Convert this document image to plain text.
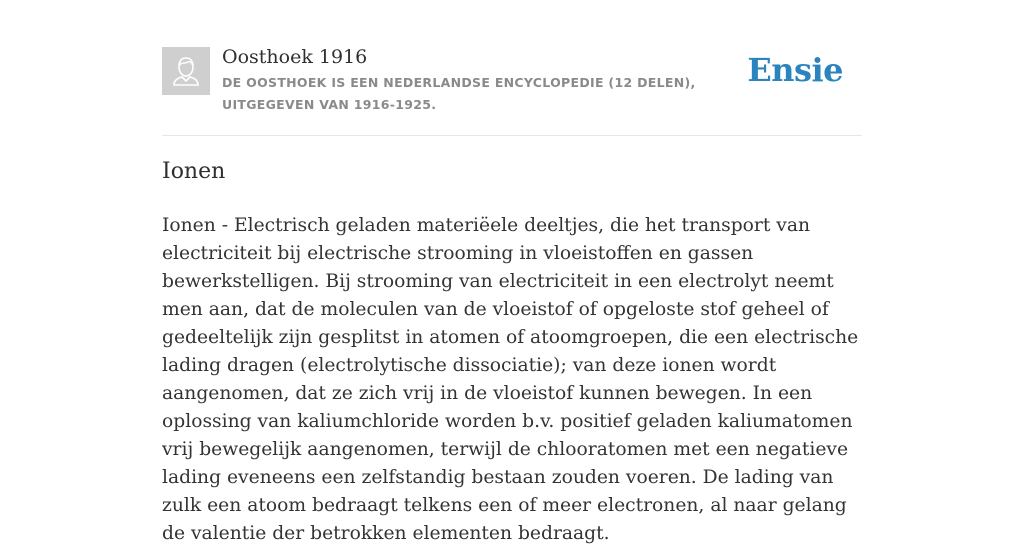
Oosthoek 1916
DE OOSTHOEK IS EEN NEDERLANDSE ENCYCLOPEDIE (12 DELEN), UITGEGEVEN VAN 1916-1925.
Ensie
Ionen

Ionen - Electrisch geladen materiëele deeltjes, die het transport van electriciteit bij electrische strooming in vloeistoffen en gassen bewerkstelligen. Bij strooming van electriciteit in een electrolyt neemt men aan, dat de moleculen van de vloeistof of opgeloste stof geheel of gedeeltelijk zijn gesplitst in atomen of atoomgroepen, die een electrische lading dragen (electrolytische dissociatie); van deze ionen wordt aangenomen, dat ze zich vrij in de vloeistof kunnen bewegen. In een oplossing van kaliumchloride worden b.v. positief geladen kaliumatomen vrij bewegelijk aangenomen, terwijl de chlooratomen met een negatieve lading eveneens een zelfstandig bestaan zouden voeren. De lading van zulk een atoom bedraagt telkens een of meer electronen, al naar gelang de valentie der betrokken elementen bedraagt.
